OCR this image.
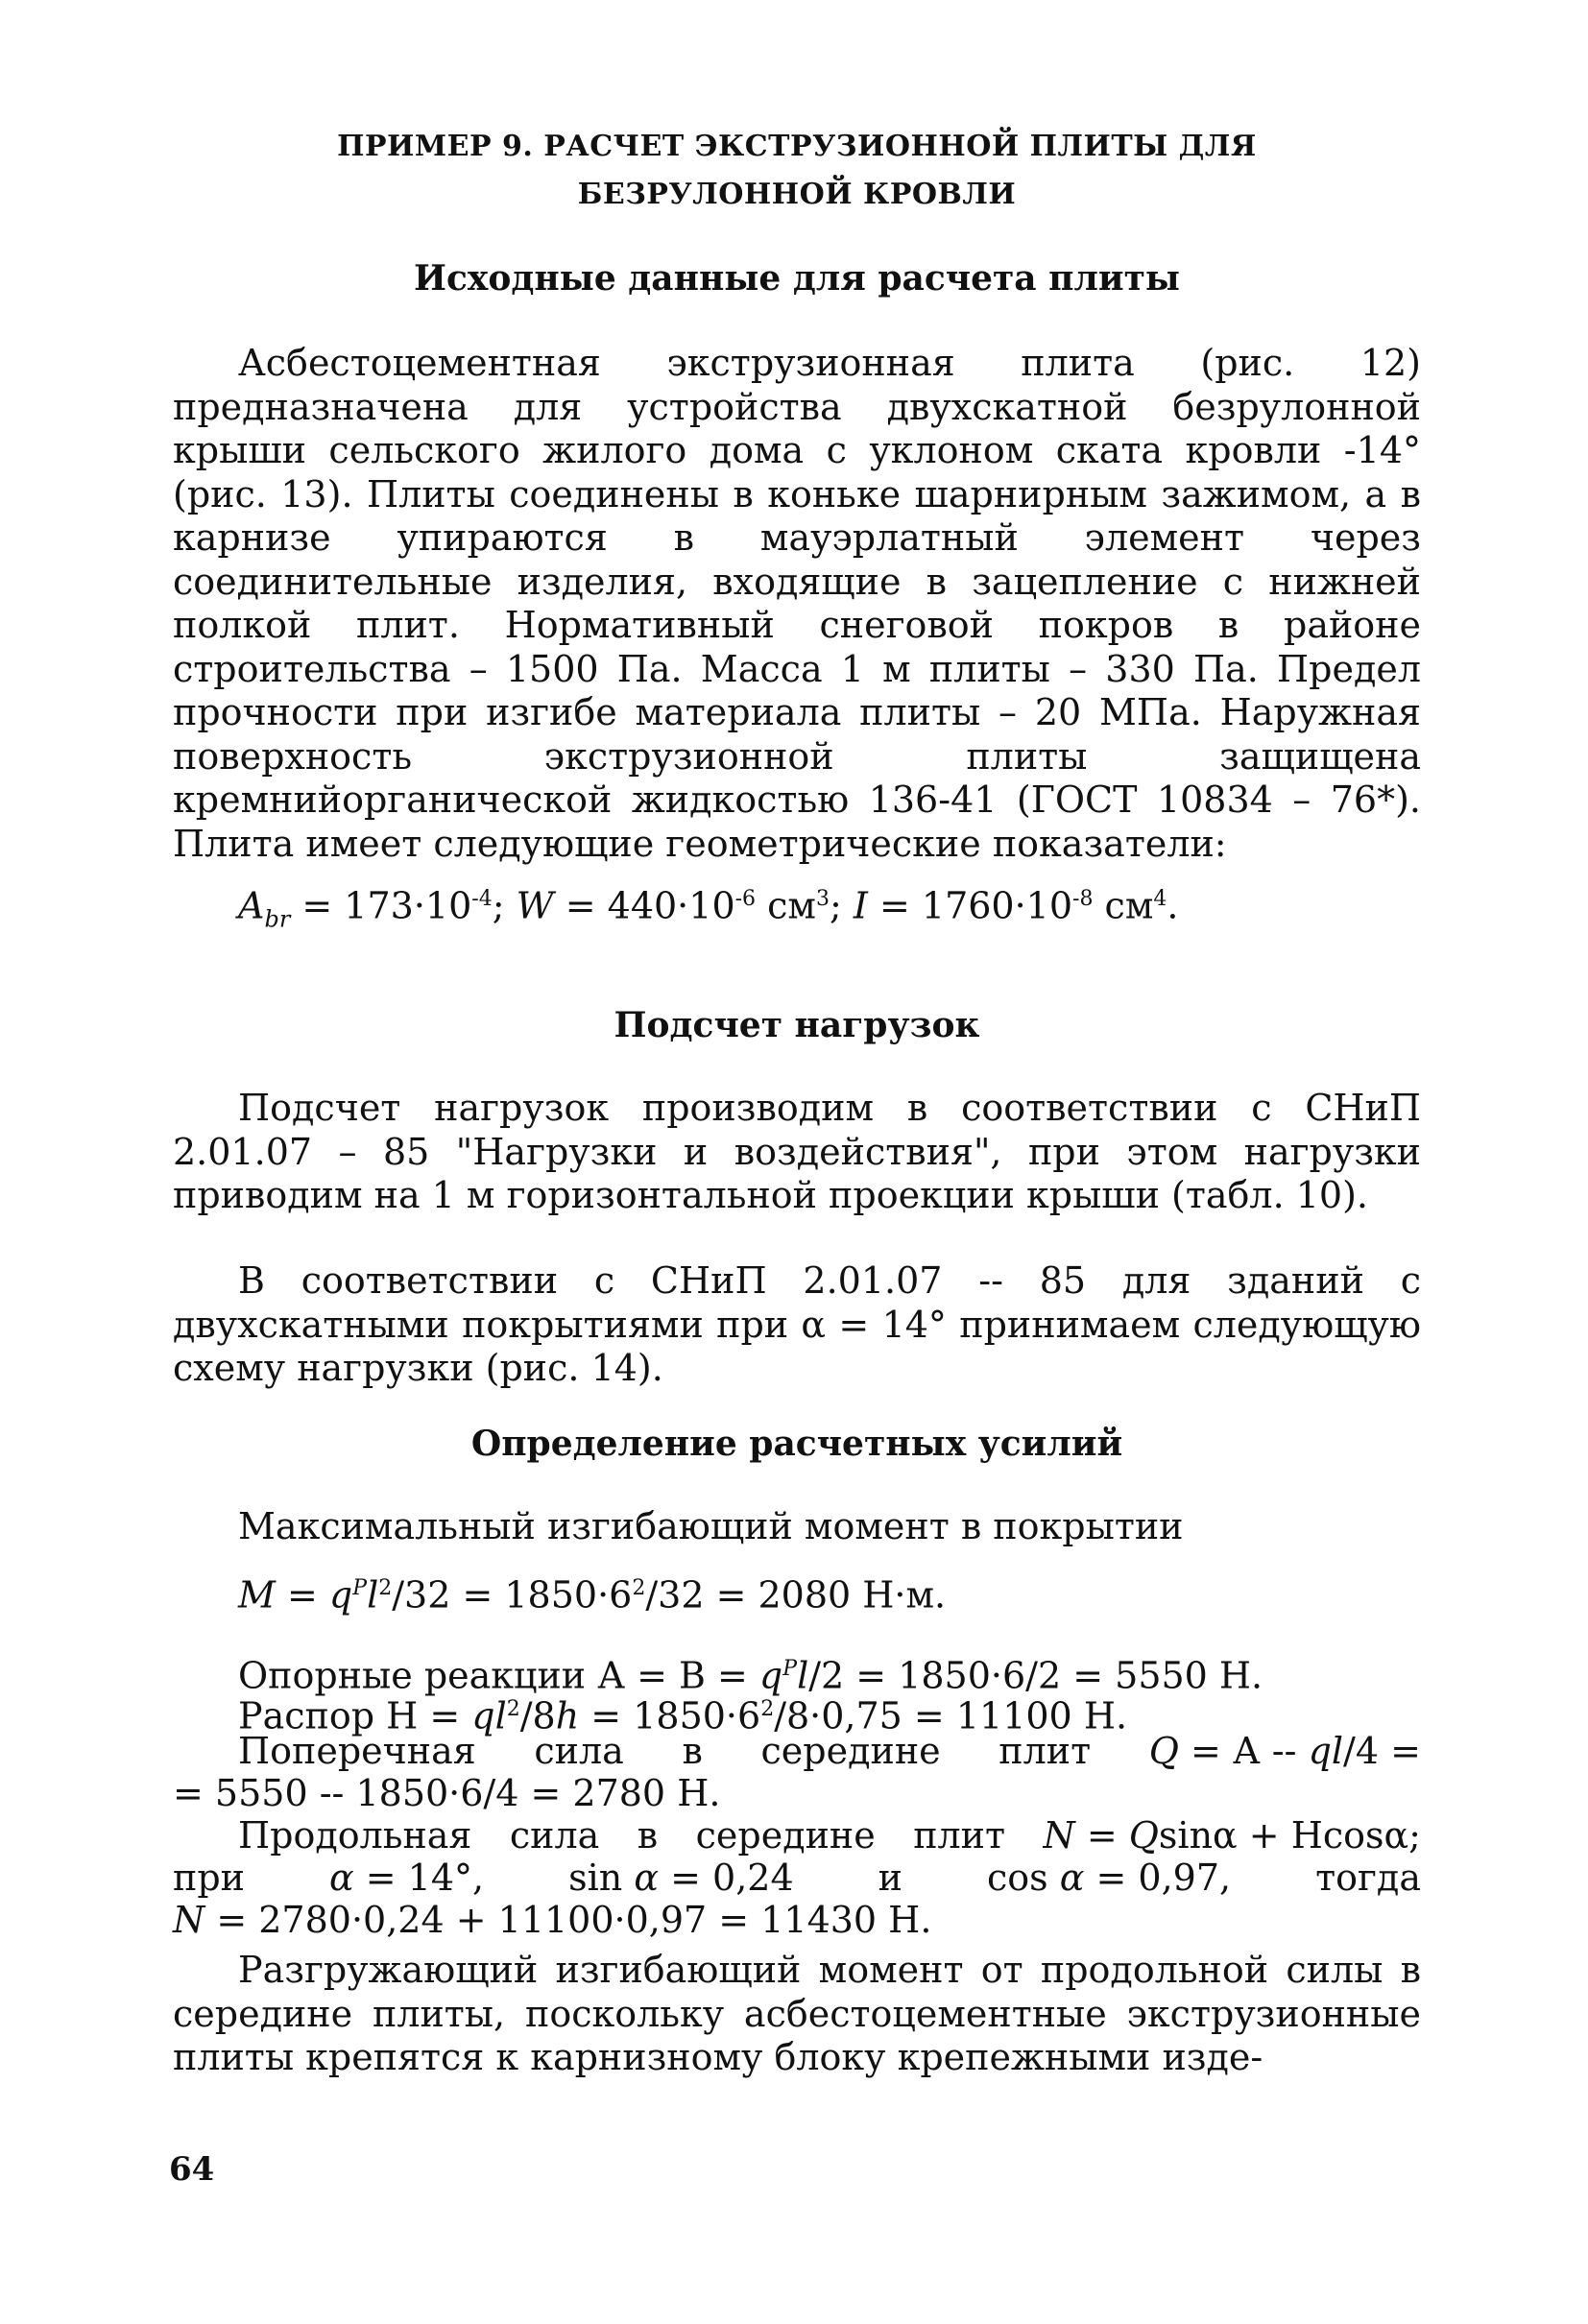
ПРИМЕР 9. РАСЧЕТ ЭКСТРУЗИОННОЙ ПЛИТЫ ДЛЯ
БЕЗРУЛОННОЙ КРОВЛИ
Исходные данные для расчета плиты

Асбестоцементная экструзионная плита (рис. 12) предназначена для устройства двухскатной безрулонной крыши сельского жилого дома с уклоном ската кровли -14° (рис. 13). Плиты соединены в коньке шарнирным зажимом, а в карнизе упираются в мауэрлатный элемент через соединительные изделия, входящие в зацепление с нижней полкой плит. Нормативный снеговой покров в районе строительства – 1500 Па. Масса 1 м плиты – 330 Па. Предел прочности при изгибе материала плиты – 20 МПа. Наружная поверхность экструзионной плиты защищена кремнийорганической жидкостью 136-41 (ГОСТ 10834 – 76*). Плита имеет следующие геометрические показатели:

$A_{br} = 173\cdot 10^{-4}$; $W = 440\cdot 10^{-6}$ $см^3$; $I = 1760\cdot 10^{-8}$ $см^4$.
Подсчет нагрузок

Подсчет нагрузок производим в соответствии с СНиП 2.01.07 – 85 "Нагрузки и воздействия", при этом нагрузки приводим на 1 м горизонтальной проекции крыши (табл. 10).

В соответствии с СНиП 2.01.07 -- 85 для зданий с двухскатными покрытиями при α = 14° принимаем следующую схему нагрузки (рис. 14).

Определение расчетных усилий
Максимальный изгибающий момент в покрытии
$M = q^Pl^2/32 = 1850\cdot 6^2/32 = 2080$ Н·м.
Опорные реакции $А = В = q^Pl/2 = 1850\cdot 6/2 = 5550$ Н.
Распор $Н = ql^2/8h = 1850\cdot 6^2/8\cdot 0,75 = 11100$ Н.
Поперечная сила в середине плит Q = А -- ql/4 =
= 5550 -- 1850·6/4 = 2780 Н.
Продольная сила в середине плит N = Qsinα + Hcosα;
при α = 14°, sin α = 0,24 и cos α = 0,97, тогда
N = 2780·0,24 + 11100·0,97 = 11430 Н.

Разгружающий изгибающий момент от продольной силы в середине плиты, поскольку асбестоцементные экструзионные плиты крепятся к карнизному блоку крепежными изде-

64
